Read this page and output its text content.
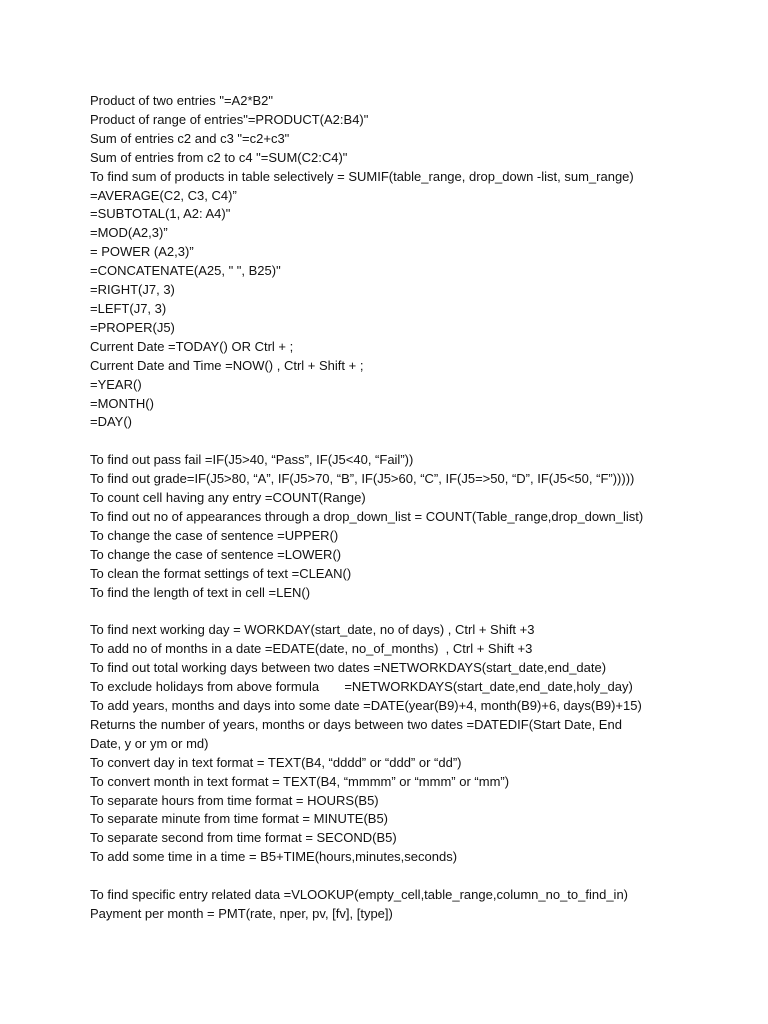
Product of two entries "=A2*B2"
Product of range of entries"=PRODUCT(A2:B4)"
Sum of entries c2 and c3 "=c2+c3"
Sum of entries from c2 to c4 "=SUM(C2:C4)"
To find sum of products in table selectively = SUMIF(table_range, drop_down -list, sum_range)
=AVERAGE(C2, C3, C4)”
=SUBTOTAL(1, A2: A4)"
=MOD(A2,3)”
= POWER (A2,3)”
=CONCATENATE(A25, " ", B25)"
=RIGHT(J7, 3)
=LEFT(J7, 3)
=PROPER(J5)
Current Date =TODAY() OR Ctrl + ;
Current Date and Time =NOW() , Ctrl + Shift + ;
=YEAR()
=MONTH()
=DAY()
To find out pass fail =IF(J5>40, “Pass”, IF(J5<40, “Fail”))
To find out grade=IF(J5>80, “A”, IF(J5>70, “B”, IF(J5>60, “C”, IF(J5=>50, “D”, IF(J5<50, “F”)))))
To count cell having any entry =COUNT(Range)
To find out no of appearances through a drop_down_list = COUNT(Table_range,drop_down_list)
To change the case of sentence =UPPER()
To change the case of sentence =LOWER()
To clean the format settings of text =CLEAN()
To find the length of text in cell =LEN()
To find next working day = WORKDAY(start_date, no of days) , Ctrl + Shift +3
To add no of months in a date =EDATE(date, no_of_months)  , Ctrl + Shift +3
To find out total working days between two dates =NETWORKDAYS(start_date,end_date)
To exclude holidays from above formula       =NETWORKDAYS(start_date,end_date,holy_day)
To add years, months and days into some date =DATE(year(B9)+4, month(B9)+6, days(B9)+15)
Returns the number of years, months or days between two dates =DATEDIF(Start Date, End
Date, y or ym or md)
To convert day in text format = TEXT(B4, “dddd” or “ddd” or “dd”)
To convert month in text format = TEXT(B4, “mmmm” or “mmm” or “mm”)
To separate hours from time format = HOURS(B5)
To separate minute from time format = MINUTE(B5)
To separate second from time format = SECOND(B5)
To add some time in a time = B5+TIME(hours,minutes,seconds)
To find specific entry related data =VLOOKUP(empty_cell,table_range,column_no_to_find_in)
Payment per month = PMT(rate, nper, pv, [fv], [type])
